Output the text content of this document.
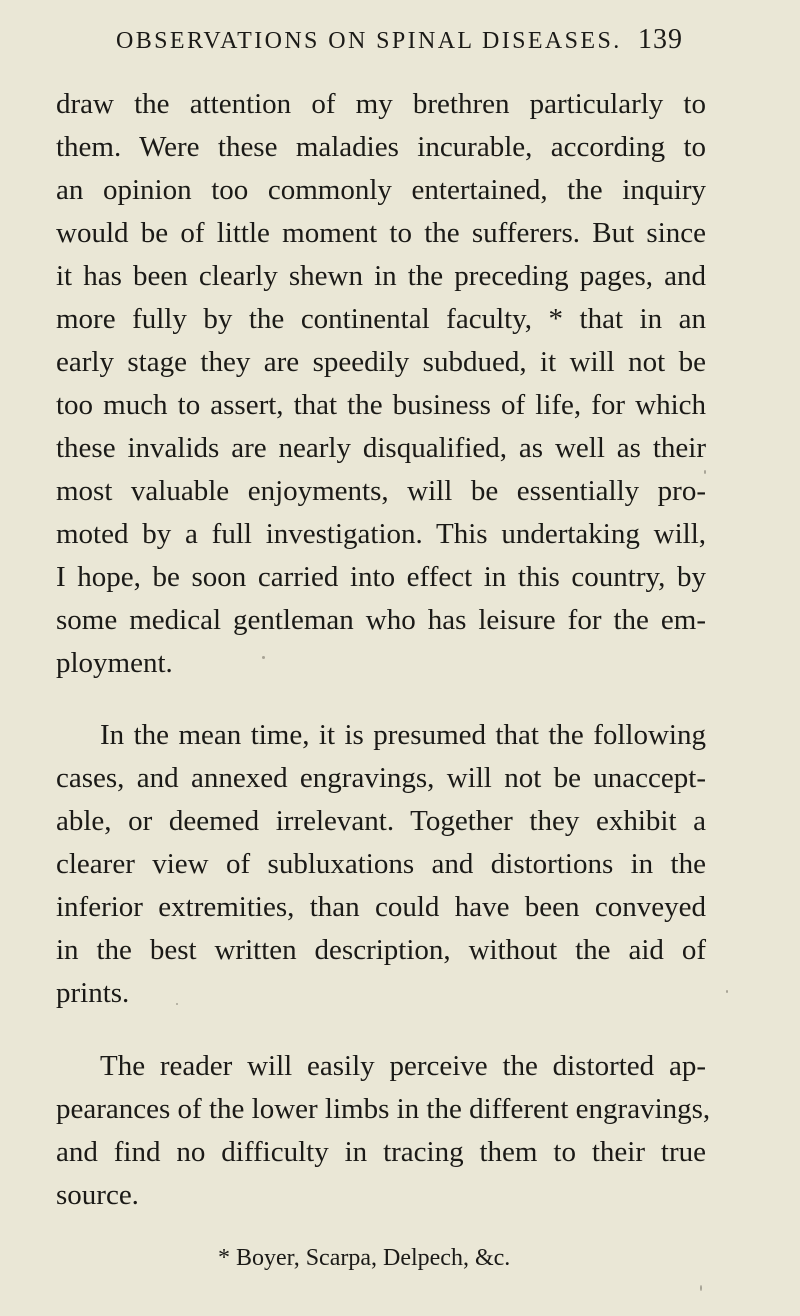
OBSERVATIONS ON SPINAL DISEASES. 139
draw the attention of my brethren particularly to
them. Were these maladies incurable, according to
an opinion too commonly entertained, the inquiry
would be of little moment to the sufferers. But since
it has been clearly shewn in the preceding pages, and
more fully by the continental faculty, * that in an
early stage they are speedily subdued, it will not be
too much to assert, that the business of life, for which
these invalids are nearly disqualified, as well as their
most valuable enjoyments, will be essentially pro-
moted by a full investigation. This undertaking will,
I hope, be soon carried into effect in this country, by
some medical gentleman who has leisure for the em-
ployment.
In the mean time, it is presumed that the following
cases, and annexed engravings, will not be unaccept-
able, or deemed irrelevant. Together they exhibit a
clearer view of subluxations and distortions in the
inferior extremities, than could have been conveyed
in the best written description, without the aid of
prints.
The reader will easily perceive the distorted ap-
pearances of the lower limbs in the different engravings,
and find no difficulty in tracing them to their true
source.
* Boyer, Scarpa, Delpech, &c.
